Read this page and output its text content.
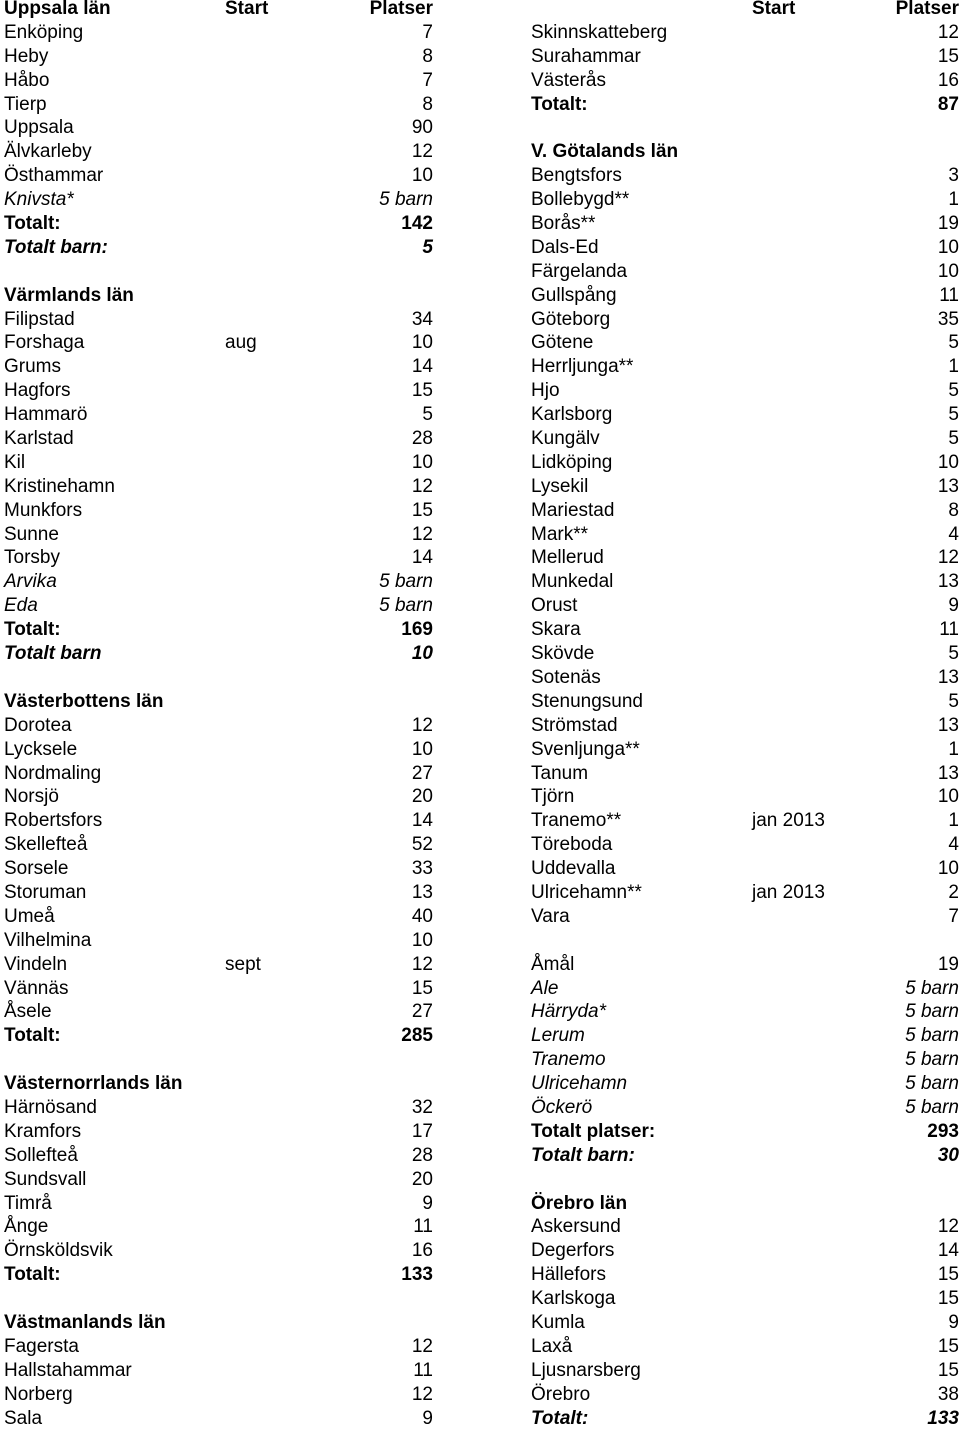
Uppsala län	Start	Platser
Enköping	7
Heby	8
Håbo	7
Tierp	8
Uppsala	90
Älvkarleby	12
Östhammar	10
Knivsta*	5 barn
Totalt:	142
Totalt barn:	5
Värmlands län
Filipstad	34
Forshaga	aug	10
Grums	14
Hagfors	15
Hammarö	5
Karlstad	28
Kil	10
Kristinehamn	12
Munkfors	15
Sunne	12
Torsby	14
Arvika	5 barn
Eda	5 barn
Totalt:	169
Totalt barn	10
Västerbottens län
Dorotea	12
Lycksele	10
Nordmaling	27
Norsjö	20
Robertsfors	14
Skellefteå	52
Sorsele	33
Storuman	13
Umeå	40
Vilhelmina	10
Vindeln	sept	12
Vännäs	15
Åsele	27
Totalt:	285
Västernorrlands län
Härnösand	32
Kramfors	17
Sollefteå	28
Sundsvall	20
Timrå	9
Ånge	11
Örnsköldsvik	16
Totalt:	133
Västmanlands län
Fagersta	12
Hallstahammar	11
Norberg	12
Sala	9
Start	Platser
Skinnskatteberg	12
Surahammar	15
Västerås	16
Totalt:	87
V. Götalands län
Bengtsfors	3
Bollebygd**	1
Borås**	19
Dals-Ed	10
Färgelanda	10
Gullspång	11
Göteborg	35
Götene	5
Herrljunga**	1
Hjo	5
Karlsborg	5
Kungälv	5
Lidköping	10
Lysekil	13
Mariestad	8
Mark**	4
Mellerud	12
Munkedal	13
Orust	9
Skara	11
Skövde	5
Sotenäs	13
Stenungsund	5
Strömstad	13
Svenljunga**	1
Tanum	13
Tjörn	10
Tranemo**	jan 2013	1
Töreboda	4
Uddevalla	10
Ulricehamn**	jan 2013	2
Vara	7
Åmål	19
Ale	5 barn
Härryda*	5 barn
Lerum	5 barn
Tranemo	5 barn
Ulricehamn	5 barn
Öckerö	5 barn
Totalt platser:	293
Totalt barn:	30
Örebro län
Askersund	12
Degerfors	14
Hällefors	15
Karlskoga	15
Kumla	9
Laxå	15
Ljusnarsberg	15
Örebro	38
Totalt:	133
